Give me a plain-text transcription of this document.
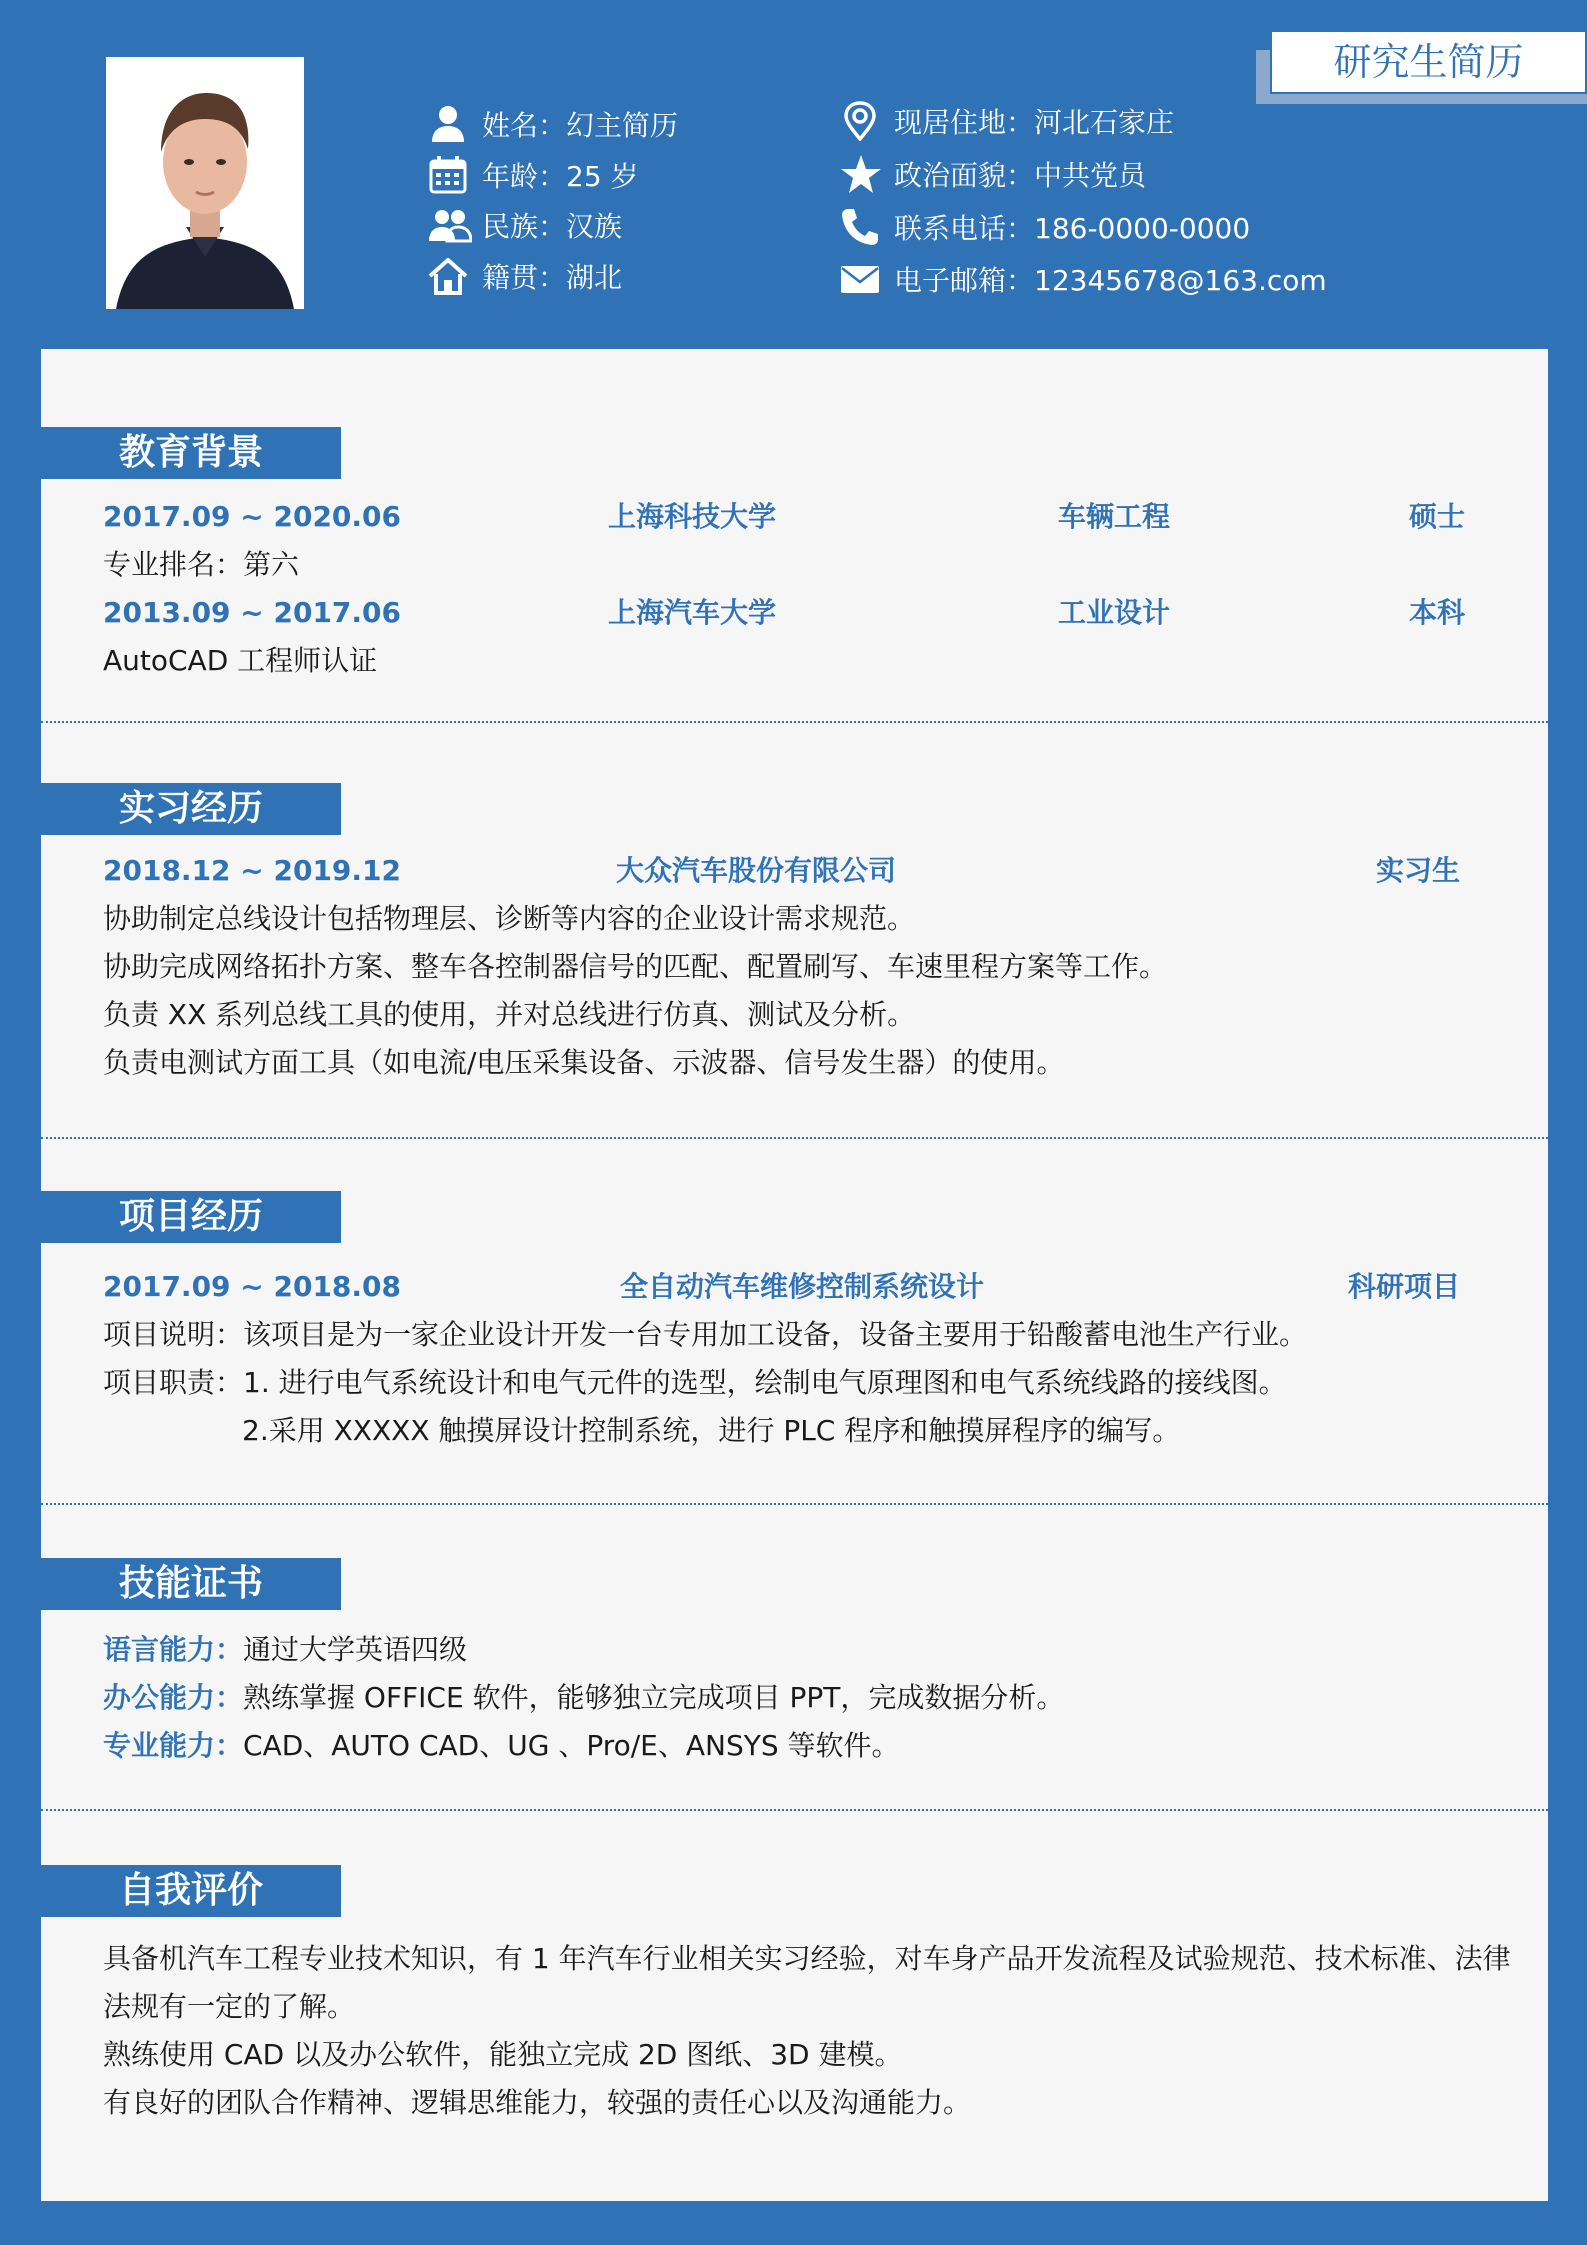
研究生简历
姓名：幻主简历
年龄：25 岁
民族：汉族
籍贯：湖北
现居住地：河北石家庄
政治面貌：中共党员
联系电话：186-0000-0000
电子邮箱：12345678@163.com
教育背景
2017.09 ~ 2020.06	上海科技大学	车辆工程	硕士
专业排名：第六
2013.09 ~ 2017.06	上海汽车大学	工业设计	本科
AutoCAD 工程师认证
实习经历
2018.12 ~ 2019.12	大众汽车股份有限公司	实习生
协助制定总线设计包括物理层、诊断等内容的企业设计需求规范。
协助完成网络拓扑方案、整车各控制器信号的匹配、配置刷写、车速里程方案等工作。
负责 XX 系列总线工具的使用，并对总线进行仿真、测试及分析。
负责电测试方面工具（如电流/电压采集设备、示波器、信号发生器）的使用。
项目经历
2017.09 ~ 2018.08	全自动汽车维修控制系统设计	科研项目
项目说明：该项目是为一家企业设计开发一台专用加工设备，设备主要用于铅酸蓄电池生产行业。
项目职责：1. 进行电气系统设计和电气元件的选型，绘制电气原理图和电气系统线路的接线图。
2.采用 XXXXX 触摸屏设计控制系统，进行 PLC 程序和触摸屏程序的编写。
技能证书
语言能力：通过大学英语四级
办公能力：熟练掌握 OFFICE 软件，能够独立完成项目 PPT，完成数据分析。
专业能力：CAD、AUTO CAD、UG 、Pro/E、ANSYS 等软件。
自我评价
具备机汽车工程专业技术知识，有 1 年汽车行业相关实习经验，对车身产品开发流程及试验规范、技术标准、法律法规有一定的了解。
熟练使用 CAD 以及办公软件，能独立完成 2D 图纸、3D 建模。
有良好的团队合作精神、逻辑思维能力，较强的责任心以及沟通能力。
